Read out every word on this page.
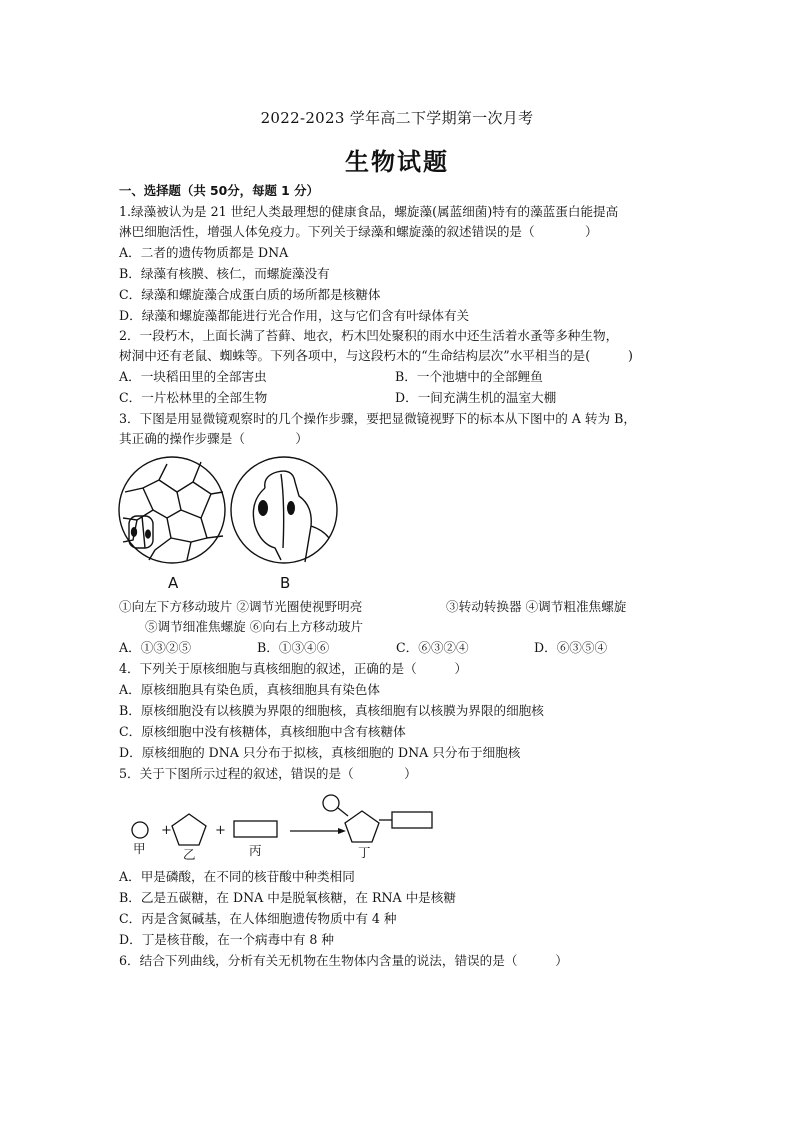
2022-2023 学年高二下学期第一次月考
生物试题
一、选择题（共 50分，每题 1 分）
1.绿藻被认为是 21 世纪人类最理想的健康食品，螺旋藻(属蓝细菌)特有的藻蓝蛋白能提高
淋巴细胞活性，增强人体免疫力。下列关于绿藻和螺旋藻的叙述错误的是（　　　　）
A．二者的遗传物质都是 DNA
B．绿藻有核膜、核仁，而螺旋藻没有
C．绿藻和螺旋藻合成蛋白质的场所都是核糖体
D．绿藻和螺旋藻都能进行光合作用，这与它们含有叶绿体有关
2．一段朽木，上面长满了苔藓、地衣，朽木凹处聚积的雨水中还生活着水蚤等多种生物，
树洞中还有老鼠、蜘蛛等。下列各项中，与这段朽木的“生命结构层次”水平相当的是(　　　)
A．一块稻田里的全部害虫	B．一个池塘中的全部鲤鱼
C．一片松林里的全部生物	D．一间充满生机的温室大棚
3．下图是用显微镜观察时的几个操作步骤，要把显微镜视野下的标本从下图中的 A 转为 B，
其正确的操作步骤是（　　　　）
A	B
①向左下方移动玻片 ②调节光圈使视野明亮	③转动转换器 ④调节粗准焦螺旋
⑤调节细准焦螺旋 ⑥向右上方移动玻片
A．①③②⑤	B．①③④⑥	C．⑥③②④	D．⑥③⑤④
4．下列关于原核细胞与真核细胞的叙述，正确的是（　　　）
A．原核细胞具有染色质，真核细胞具有染色体
B．原核细胞没有以核膜为界限的细胞核，真核细胞有以核膜为界限的细胞核
C．原核细胞中没有核糖体，真核细胞中含有核糖体
D．原核细胞的 DNA 只分布于拟核，真核细胞的 DNA 只分布于细胞核
5．关于下图所示过程的叙述，错误的是（　　　　）
+	+
甲	乙	丙	丁
A．甲是磷酸，在不同的核苷酸中种类相同
B．乙是五碳糖，在 DNA 中是脱氧核糖，在 RNA 中是核糖
C．丙是含氮碱基，在人体细胞遗传物质中有 4 种
D．丁是核苷酸，在一个病毒中有 8 种
6．结合下列曲线，分析有关无机物在生物体内含量的说法，错误的是（　　　）
